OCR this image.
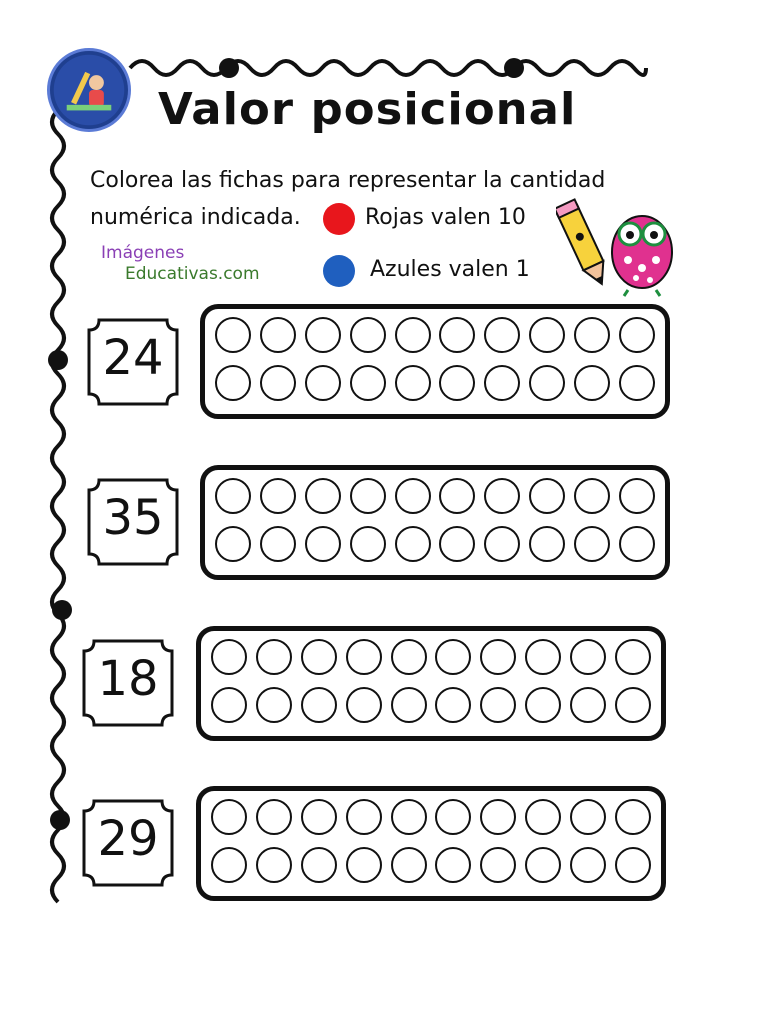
Valor posicional
Colorea las fichas para representar la cantidad
numérica indicada.	Rojas valen 10
Azules valen 1
Imágenes
Educativas.com
24
35
18
29
